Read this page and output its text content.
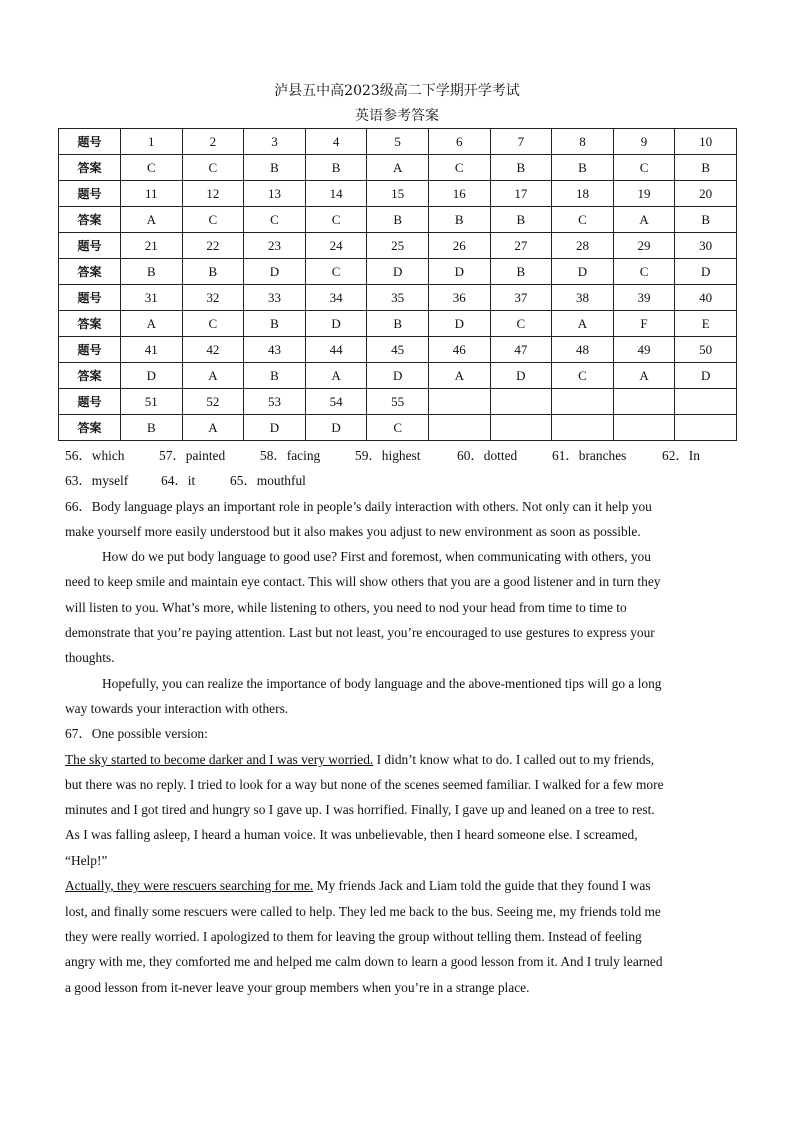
泸县五中高2023级高二下学期开学考试
英语参考答案
题号	1	2	3	4	5	6	7	8	9	10
答案	C	C	B	B	A	C	B	B	C	B
题号	11	12	13	14	15	16	17	18	19	20
答案	A	C	C	C	B	B	B	C	A	B
题号	21	22	23	24	25	26	27	28	29	30
答案	B	B	D	C	D	D	B	D	C	D
题号	31	32	33	34	35	36	37	38	39	40
答案	A	C	B	D	B	D	C	A	F	E
题号	41	42	43	44	45	46	47	48	49	50
答案	D	A	B	A	D	A	D	C	A	D
题号	51	52	53	54	55					
答案	B	A	D	D	C					
56．which	57．painted	58．facing	59．highest	60．dotted	61．branches	62．In
63．myself 64．it	65．mouthful
66．Body language plays an important role in people’s daily interaction with others. Not only can it help you
make yourself more easily understood but it also makes you adjust to new environment as soon as possible.
How do we put body language to good use? First and foremost, when communicating with others, you
need to keep smile and maintain eye contact. This will show others that you are a good listener and in turn they
will listen to you. What’s more, while listening to others, you need to nod your head from time to time to
demonstrate that you’re paying attention. Last but not least, you’re encouraged to use gestures to express your
thoughts.
Hopefully, you can realize the importance of body language and the above-mentioned tips will go a long
way towards your interaction with others.
67．One possible version:
The sky started to become darker and I was very worried. I didn’t know what to do. I called out to my friends,
but there was no reply. I tried to look for a way but none of the scenes seemed familiar. I walked for a few more
minutes and I got tired and hungry so I gave up. I was horrified. Finally, I gave up and leaned on a tree to rest.
As I was falling asleep, I heard a human voice. It was unbelievable, then I heard someone else. I screamed,
“Help!”
Actually, they were rescuers searching for me. My friends Jack and Liam told the guide that they found I was
lost, and finally some rescuers were called to help. They led me back to the bus. Seeing me, my friends told me
they were really worried. I apologized to them for leaving the group without telling them. Instead of feeling
angry with me, they comforted me and helped me calm down to learn a good lesson from it. And I truly learned
a good lesson from it-never leave your group members when you’re in a strange place.
